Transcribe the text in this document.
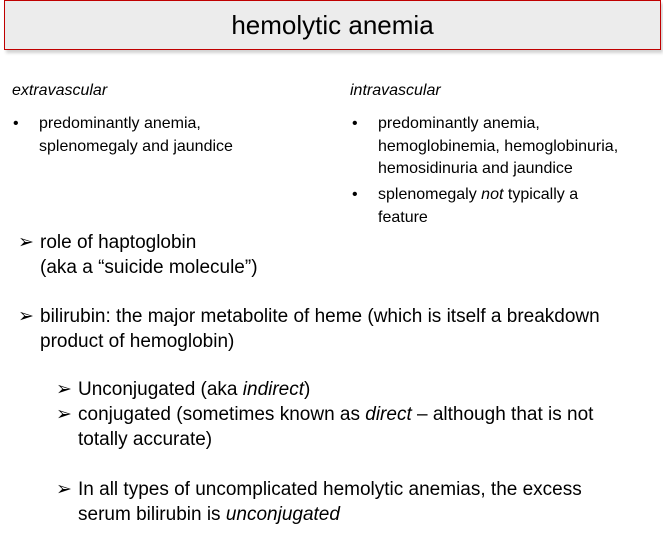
hemolytic anemia
extravascular	intravascular
• predominantly anemia,
splenomegaly and jaundice
• predominantly anemia,
hemoglobinemia, hemoglobinuria,
hemosidinuria and jaundice
• splenomegaly not typically a
feature
➢ role of haptoglobin
(aka a “suicide molecule”)
➢ bilirubin: the major metabolite of heme (which is itself a breakdown
product of hemoglobin)
➢ Unconjugated (aka indirect)
➢ conjugated (sometimes known as direct – although that is not
totally accurate)
➢ In all types of uncomplicated hemolytic anemias, the excess
serum bilirubin is unconjugated
